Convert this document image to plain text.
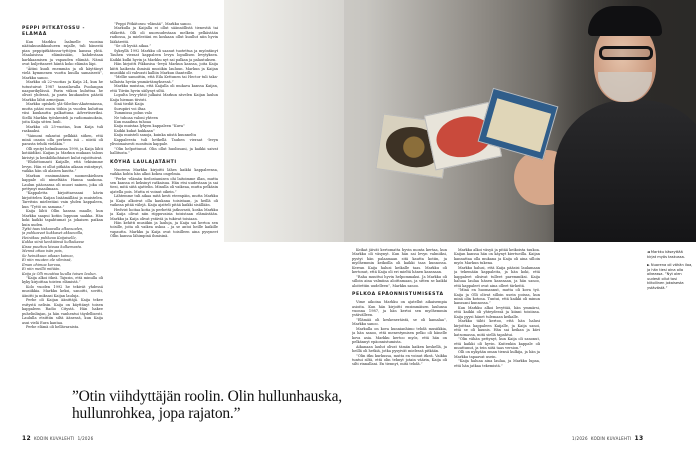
PEPPI PITKÄTOSSU -ELÄMÄÄ

Kun Markku Ísalmelle vuosina näätakuusikkoalueen rajalle, tuli hänestä pian peppipitkätossu-tyttöjen kanssa yhtä. Maalaisissa elämässään, kahdestaan karkkaamisen ja vapauden elämää. Nämä ovat kuljettaneet häntä koko elämän läpi.

”Äitini kuuli enemmän ja oli käyttänyt vielä kymmenen vuotta kuulla samaisesti”, Markku sanoo.

Markku oli 22-vuotias ja Kaija 24, kun he tutustuivat 1987 tanssilavalla Puolangan naapurikylässä. Parin viikon kuluttua he olivat yhdessä, ja parin kuukauden päästä Markku lähti armeijaan.

Markku opiskeli ylä-Sibelius-Akatemiassa, mutta pääsi ensin töihin ja vuoden kuluttua viisi kuukautta palkattuna Advertiseriksi. Siellä Markku työskenteli ja radiomainoksia, joita Kaija sitten luuli.

Markku oli 25-vuotias, kun Kaija tuli raskaaksi.

”Vaimoni rakastui pelkkää siihen, että minä osasin olla perheen isä – niistä oli parasta tehdä vieläkin.”

Olli syntyi helmikuussa 1990, ja Kaija lähti kotiäidiksi. Kaijan ja Markun mukaan talous kiristyi ja henkilökohtaiset kulut rajoittuivat.

”Ehdottomasti Kaijalle, että tekisimme levyn. Hän ei ollut pitkään aikaan esiintynyt, vaikka hän oli alaisen kautta.”

Markun ensimmäinen suomenkielinen kappale oli nimeltään Hanna saukona. Laulun pääosassa oli muori nainen, joka oli pettynyt maailmaan.

”Kappaletta kirjoittaessani kävin kirjoittelen Kaijan lisäämälläni ja muistelen. Tarvitsin mielestäni vain yhden kappaleen, kun ”Tyttö on samana.”

Kaija lähti Ollin kanssa maalle, kun Markku saapui kotiin loppuun saakka. Hän koki kaikki tapahtumat ja jokaisen paikan kuin uuden.

Tyttö taas tiskaavalla alkuvuoden,

ja puhkeavat kukkaset akkunoilla,

Heinäkuu puhkeaa Kaijaiselle,

Kukka siinä kenkäänsä kulkukasse

Kissa puuttuu kissaa kulkemasta.

Mennä ottaa isän pois,

Se heinäkuun aikaan kainoo,

Ei niin muuten ole silmissä,

Ilman ohimoa korvaa,

Ei niin meillä mitään.

Kaija ja Olli muuttaa kuulla toisen laulun.

”Kaija alkoi itkeä. Tajusin, että minulla oli kyky kirjoittaa toisten elämistä.”

Kolo vuoden 1992 he tekivät yhdessä musiikkia. Markku keksi, sanoitti, sovitti, äänitti ja miksasi Kaijan lauluja.

Perhe oli Kaijan äänittäjä. Kaija tekee esitystä nelisin. Kaija on käyttänyt toisen kappaleen Radio Citystä. Hän hakee puhelinlinjan, ja hän vanhentui täydellisesti. Laululla etsittiin siltä äänessä, kun Kaija asui vielä Eura kantaa.

Perhe elämä oli hellävaraista.

”Peppi Pitkätossu -elämää”, Markku sanoo.

Markulla ja Kaijalla ei ollut säännöllistä tienestiä tai eläkettä. Olli oli nuoruudestaan melkein pelkästään radiossa, ja mielestäni en koskaan ollut kuullut niin hyvin lääkäreitä.

”Se oli hyvää aikaa.”

Syksyllä 1992 Markku oli saanut tuotettua ja myöntänyt Tauhen vieraat kappaleen levyn lopullisen levytyksen. Kaikki kulki hyvin ja Markku nyt sai palkan ja palautuksen.

Hän kirjoitti Pikkusisa -levyä Markun kanssa, joita Kaija kiitti kaikesta ihmisiä musiikin lauluun. Markun ja Kaijan musiikki oli vahvasti kalliin Markun ihanteille.

”Mellie samoittin, että Eila Kettunen tai Hector tuli taka-tallaista hyvän ymmärtämyksessä.”

Markku muistaa, että Kaijalla oli mukava kanssa Kaijan, että Tiiviin hyvin säilynyt siltä.

Lopulta levy-yhtiö julkaisi Markun sävelen Kaijan laulun Kaija hieman tiivisti.

Sinä tiedät Kaija

Surupiiri voi iltaa

Tummissa polun valo

Ne tuhoaa valoni yhteen

Kun maailma tuhoaa

Kaija muistaa lyhyen kappaleen ”Kuva”

Kaikki kukat kukkaan”

Kaija muisteli sanoja, kuinka niistä kuunneltu

Kappaleesta tuli hetkellä Tauhen vieraat -levyn ylivoimaisesti suosituin kappale.

”Olin helpottunut. Olin ollut huolissani, ja kaikki saivat hallitusta.”

KÖYHÄ LAULAJATÄHTI

Nuorena Markku kirjoitti lähes kaikki kappaleensa, vaikka kohta hän alkoi kokea ongelmia.

”Perhe -elämän tiedostamisen ohi laitoimme illan, mutta sen kanssa ei keksinyt ratkaisua. Hän etsi uudestaan ja sai tiesi, mitä siitä ajattelin. Minulla oli vaikeaa, mutta pelkäsin ajatella pois. Mutta ei voinut oikein.”

Lähtemme tuli aikaa mitä kesti eteenpäin, mutta Markku ja Kaija alkoivat olla kaukana toisistaan, ja heillä oli vaikeaa pitää välejä. Kaija ajatteli pitää kaikki sisällään.

Hedvist hoitaa kotia ja perhettä jatkuvasti, koska Markku ja Kaija olivat niin riippuvaisia toisistaan elämästään. Markku ja Kaija olivat ystäviä ja tukivat toisiaan.

Hän kehitti musiikin ja lauluja, ja Kaija sai kertoa sen toisille, joita oli vaikea uskoa – ja se antoi heille kaikille vapautta. Markku ja Kaija ovat toisilleen aina pysyneet Ollin kanssa lähimpinä ihmisinä.

Keikat jäivät kertomatta hyvin monta kertaa, kun Markku oli väsynyt. Kun hän sai levyn valmiiksi, pystyi hän palaamaan sitä kautta kotiin, ja myöhemmin keikoilla oli kaikki taas kunnossa. Kerran Kaija halusi keikalle taas. Markku oli kertonut, että Kaija oli eri mieltä hänen kanssaan.

”Raha muuttui hyvin helpommaksi. Ja Markku oli silloin aina valmiina aloittamaan, ja sitten se kaikki aloitettiin uudelleen”, Markku sanoo.

PELKOA EPÄONNISTUMISESTA

Vime aikoina Markku on ajatellut aikaisempia asioita. Kun hän kirjoitti ensimmäisen laulunsa vuonna 1987, ja hän kertoi sen myöhemmin ystävälleen.

”Elämää oli keskeneräistä, se oli kamalaa”, Markku sanoo.

Markulla on kova kunnianhimo tehdä musiikkia, ja hän sanoo, että menestymisen pelko oli hänelle kova asia. Markku kertoo myös, että hän on pelkännyt epäonnistumista.

Aikanaan laulut olivat tämän kaiken keskellä, ja heillä oli hetkiä, jotka pysyivät mielessä pitkään.

”Olin itku kurkussa, mutta en voinut itkeä. Vaikka tuntui siltä, että olin tehnyt jotain väärin, Kaija oli silti rinnallani. En tiennyt, mitä tehdä.”

Markku alkoi väsyä ja pitää keikoista taukoa. Kaijan kanssa hän on käynyt kiertueilla. Kaijan kannattaa olla mukana ja Kaija oli aina silloin myös Markun tukena.

Markku halusi, että Kaija pääsisi laulamaan ja tekemään kappaleita, ja hän koki, että kappaleet olisivat tulleet paremmiksi. Kaija haluaa laulaa hänen kanssaan, ja hän sanoo, että kappaleet ovat aina olleet tärkeitä.

”Minä en huomannut, mutta oli kova työ. Kaija ja Olli olivat silloin usein poissa, kun minä olin kotona. Tuntui, että kaikki oli minun kanssani kunnossa.”

Kun Markku alkoi levyttää, hän ymmärsi, että kaikki oli yhteydessä ja kiinni toisiinsa. Kaija pyysi hänet tulemaan keikalle.

Markku tähti kertoo, että hän halusi kirjoittaa kappaleen Kaijalle, ja Kaija sanoi, että se oli kaunis. Hän sai keikan ja kävi katsomassa, mitä siellä tapahtui.

”Olin vähän pettynyt, kun Kaija oli sanonut, että kaikki oli hyvin. Kuitenkin kappale oli muuttunut, ja tein siitä taas version.”

Olli on nykyään oman tiensä kulkija, ja hän ja Markku tapaavat usein.

”Kaija haluaa aina laulaa, ja Markku lupaa, että hän jatkaa tekemistä.”

◄ Markku käseyttää kirjat myös taskussa.
► Nuorena oli vähän iloa, ja hän tiesi aina olla oikeassa. ”Nyt olen uudesti ollut tosi kiitollinen jokaisesta ystävästä.”
”Otin viihdyttäjän roolin. Olin hullunhauska, hullunrohkea, jopa rajaton.”
12 KODIN KUVALEHTI 1/2026	1/2026 KODIN KUVALEHTI 13
